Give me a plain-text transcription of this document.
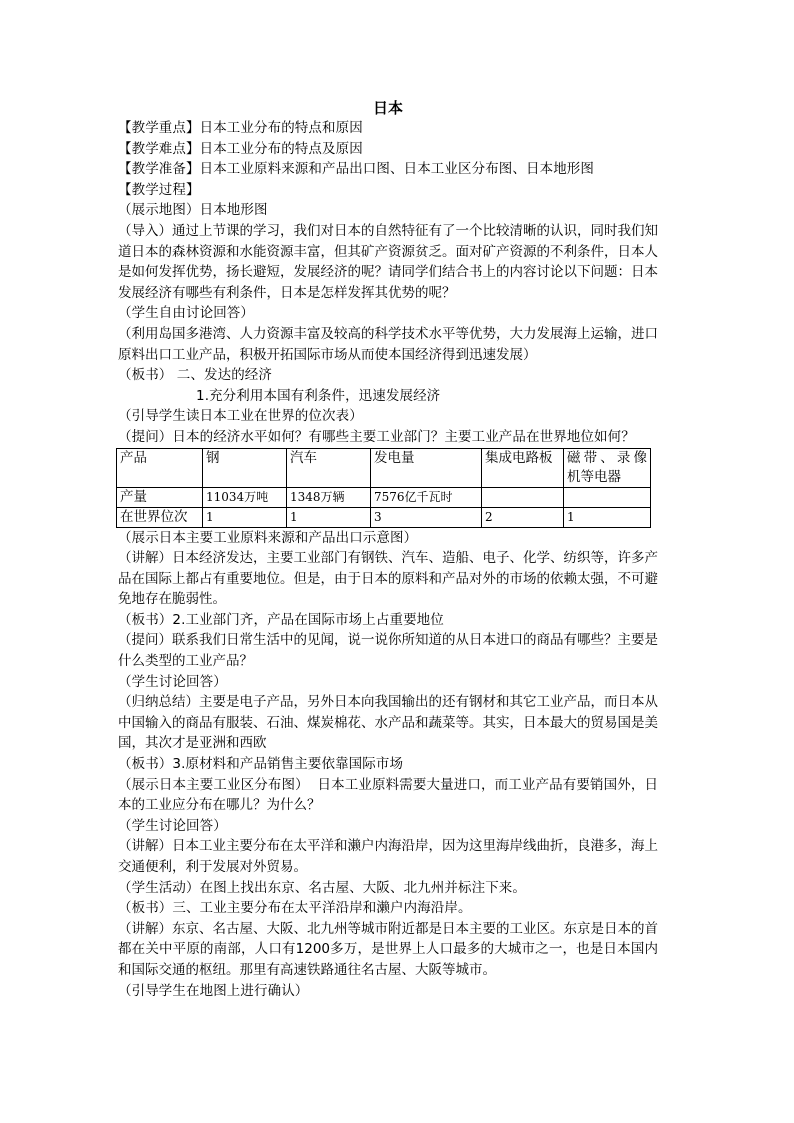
日本
【教学重点】日本工业分布的特点和原因
【教学难点】日本工业分布的特点及原因
【教学准备】日本工业原料来源和产品出口图、日本工业区分布图、日本地形图
【教学过程】
（展示地图）日本地形图
（导入）通过上节课的学习，我们对日本的自然特征有了一个比较清晰的认识，同时我们知道日本的森林资源和水能资源丰富，但其矿产资源贫乏。面对矿产资源的不利条件，日本人是如何发挥优势，扬长避短，发展经济的呢？请同学们结合书上的内容讨论以下问题：日本发展经济有哪些有利条件，日本是怎样发挥其优势的呢？
（学生自由讨论回答）
（利用岛国多港湾、人力资源丰富及较高的科学技术水平等优势，大力发展海上运输，进口原料出口工业产品，积极开拓国际市场从而使本国经济得到迅速发展）
（板书） 二、发达的经济
1.充分利用本国有利条件，迅速发展经济
（引导学生读日本工业在世界的位次表）
（提问）日本的经济水平如何？有哪些主要工业部门？主要工业产品在世界地位如何？
产品	钢	汽车	发电量	集成电路板	磁带、录像机等电器
产量	11034万吨	1348万辆	7576亿千瓦时		
在世界位次	1	1	3	2	1
（展示日本主要工业原料来源和产品出口示意图）
（讲解）日本经济发达，主要工业部门有钢铁、汽车、造船、电子、化学、纺织等，许多产品在国际上都占有重要地位。但是，由于日本的原料和产品对外的市场的依赖太强，不可避免地存在脆弱性。
（板书）2.工业部门齐，产品在国际市场上占重要地位
（提问）联系我们日常生活中的见闻，说一说你所知道的从日本进口的商品有哪些？主要是什么类型的工业产品？
（学生讨论回答）
（归纳总结）主要是电子产品，另外日本向我国输出的还有钢材和其它工业产品，而日本从中国输入的商品有服装、石油、煤炭棉花、水产品和蔬菜等。其实，日本最大的贸易国是美国，其次才是亚洲和西欧
（板书）3.原材料和产品销售主要依靠国际市场
（展示日本主要工业区分布图）  日本工业原料需要大量进口，而工业产品有要销国外，日本的工业应分布在哪儿？为什么？
（学生讨论回答）
（讲解）日本工业主要分布在太平洋和濑户内海沿岸，因为这里海岸线曲折，良港多，海上交通便利，利于发展对外贸易。
（学生活动）在图上找出东京、名古屋、大阪、北九州并标注下来。
（板书）三、工业主要分布在太平洋沿岸和濑户内海沿岸。
（讲解）东京、名古屋、大阪、北九州等城市附近都是日本主要的工业区。东京是日本的首都在关中平原的南部，人口有1200多万，是世界上人口最多的大城市之一，也是日本国内和国际交通的枢纽。那里有高速铁路通往名古屋、大阪等城市。
（引导学生在地图上进行确认）
